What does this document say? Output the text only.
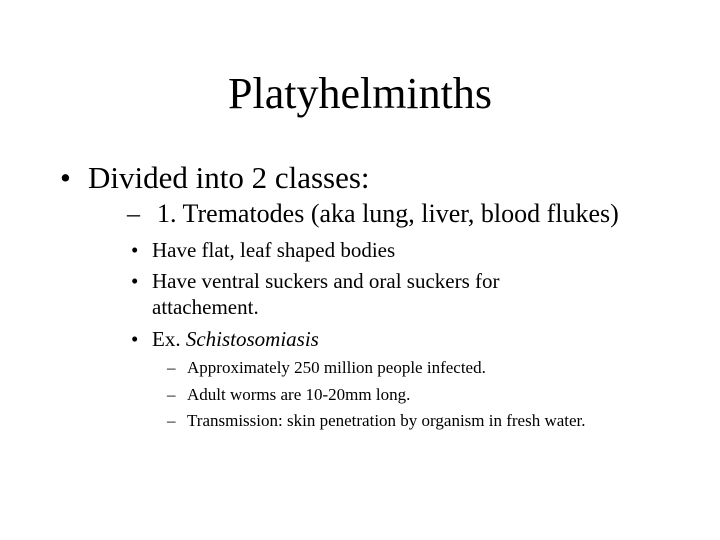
Platyhelminths
• Divided into 2 classes:
– 1. Trematodes (aka lung, liver, blood flukes)
• Have flat, leaf shaped bodies
• Have ventral suckers and oral suckers for
attachement.
• Ex. Schistosomiasis
– Approximately 250 million people infected.
– Adult worms are 10-20mm long.
– Transmission: skin penetration by organism in fresh water.
